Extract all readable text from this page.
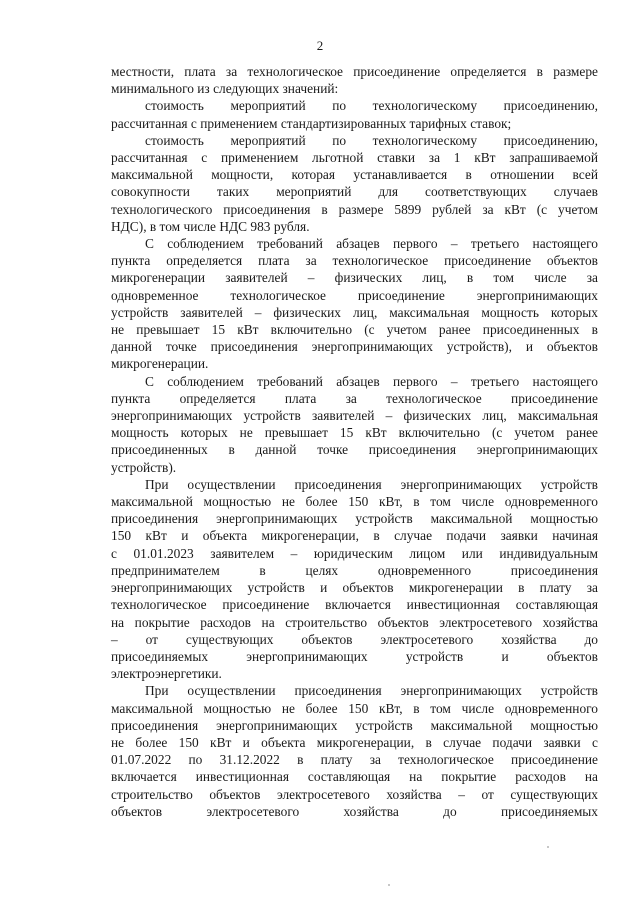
2

местности, плата за технологическое присоединение определяется в размере
минимального из следующих значений:

стоимость мероприятий по технологическому присоединению,
рассчитанная с применением стандартизированных тарифных ставок;

стоимость мероприятий по технологическому присоединению,
рассчитанная с применением льготной ставки за 1 кВт запрашиваемой
максимальной мощности, которая устанавливается в отношении всей
совокупности таких мероприятий для соответствующих случаев
технологического присоединения в размере 5899 рублей за кВт (с учетом
НДС), в том числе НДС 983 рубля.

С соблюдением требований абзацев первого – третьего настоящего
пункта определяется плата за технологическое присоединение объектов
микрогенерации заявителей – физических лиц, в том числе за
одновременное технологическое присоединение энергопринимающих
устройств заявителей – физических лиц, максимальная мощность которых
не превышает 15 кВт включительно (с учетом ранее присоединенных в
данной точке присоединения энергопринимающих устройств), и объектов
микрогенерации.

С соблюдением требований абзацев первого – третьего настоящего
пункта определяется плата за технологическое присоединение
энергопринимающих устройств заявителей – физических лиц, максимальная
мощность которых не превышает 15 кВт включительно (с учетом ранее
присоединенных в данной точке присоединения энергопринимающих
устройств).

При осуществлении присоединения энергопринимающих устройств
максимальной мощностью не более 150 кВт, в том числе одновременного
присоединения энергопринимающих устройств максимальной мощностью
150 кВт и объекта микрогенерации, в случае подачи заявки начиная
с 01.01.2023 заявителем – юридическим лицом или индивидуальным
предпринимателем в целях одновременного присоединения
энергопринимающих устройств и объектов микрогенерации в плату за
технологическое присоединение включается инвестиционная составляющая
на покрытие расходов на строительство объектов электросетевого хозяйства
– от существующих объектов электросетевого хозяйства до
присоединяемых энергопринимающих устройств и объектов
электроэнергетики.

При осуществлении присоединения энергопринимающих устройств
максимальной мощностью не более 150 кВт, в том числе одновременного
присоединения энергопринимающих устройств максимальной мощностью
не более 150 кВт и объекта микрогенерации, в случае подачи заявки с
01.07.2022 по 31.12.2022 в плату за технологическое присоединение
включается инвестиционная составляющая на покрытие расходов на
строительство объектов электросетевого хозяйства – от существующих
объектов электросетевого хозяйства до присоединяемых
